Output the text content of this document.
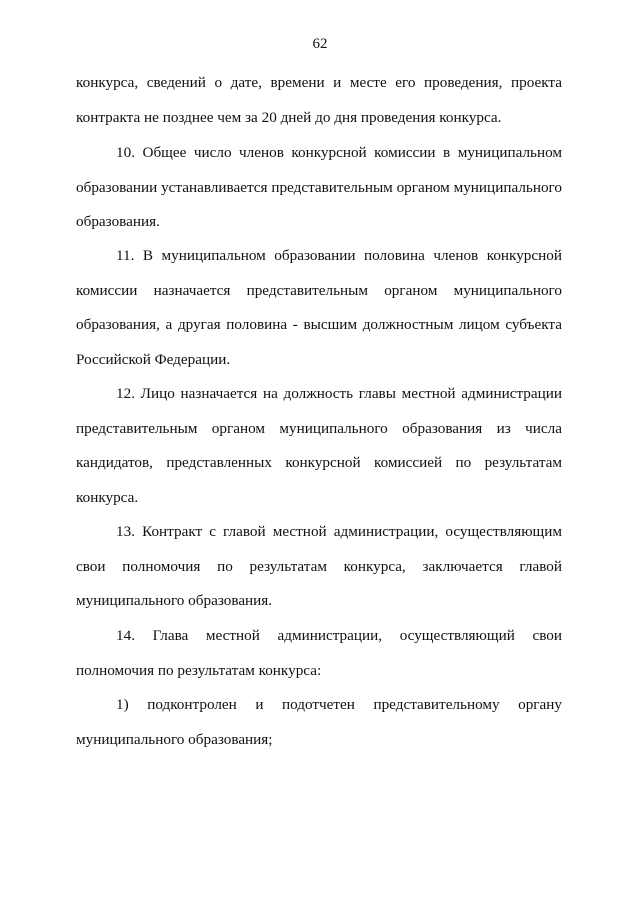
62

конкурса, сведений о дате, времени и месте его проведения, проекта
контракта не позднее чем за 20 дней до дня проведения конкурса.

10. Общее число членов конкурсной комиссии в муниципальном
образовании устанавливается представительным органом муниципального
образования.

11. В муниципальном образовании половина членов конкурсной
комиссии назначается представительным органом муниципального
образования, а другая половина - высшим должностным лицом субъекта
Российской Федерации.

12. Лицо назначается на должность главы местной администрации
представительным органом муниципального образования из числа
кандидатов, представленных конкурсной комиссией по результатам
конкурса.

13. Контракт с главой местной администрации, осуществляющим
свои полномочия по результатам конкурса, заключается главой
муниципального образования.

14. Глава местной администрации, осуществляющий свои
полномочия по результатам конкурса:

1) подконтролен и подотчетен представительному органу
муниципального образования;
